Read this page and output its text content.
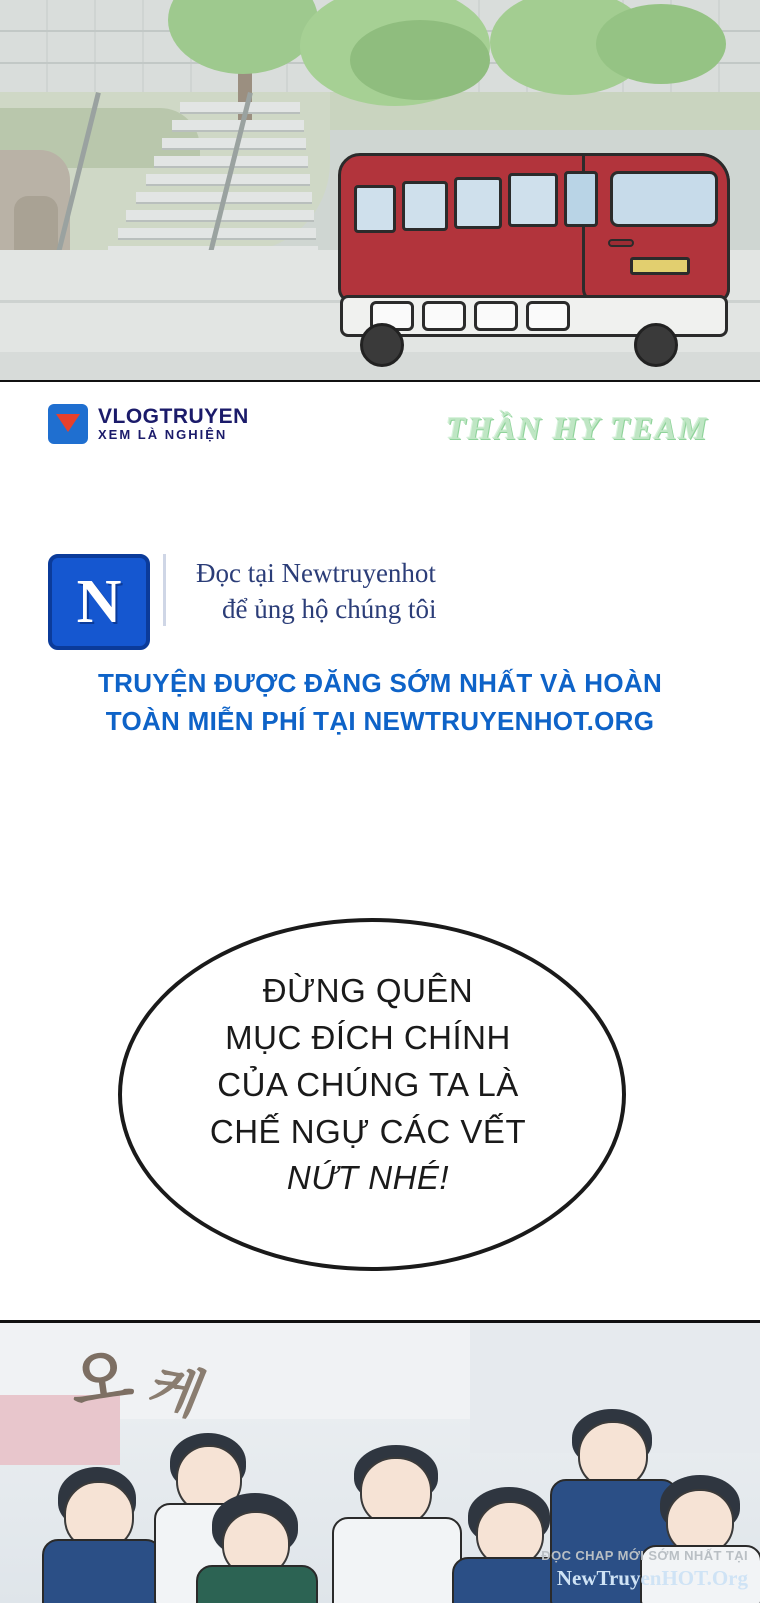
VLOGTRUYEN
XEM LÀ NGHIỆN	THẦN HY TEAM
N	Đọc tại Newtruyenhot
để ủng hộ chúng tôi
TRUYỆN ĐƯỢC ĐĂNG SỚM NHẤT VÀ HOÀN
TOÀN MIỄN PHÍ TẠI NEWTRUYENHOT.ORG
ĐỪNG QUÊN
MỤC ĐÍCH CHÍNH
CỦA CHÚNG TA LÀ
CHẾ NGỰ CÁC VẾT
NỨT NHÉ!
오 케
ĐỌC CHAP MỚI SỚM NHẤT TẠI
NewTruyenHOT.Org
